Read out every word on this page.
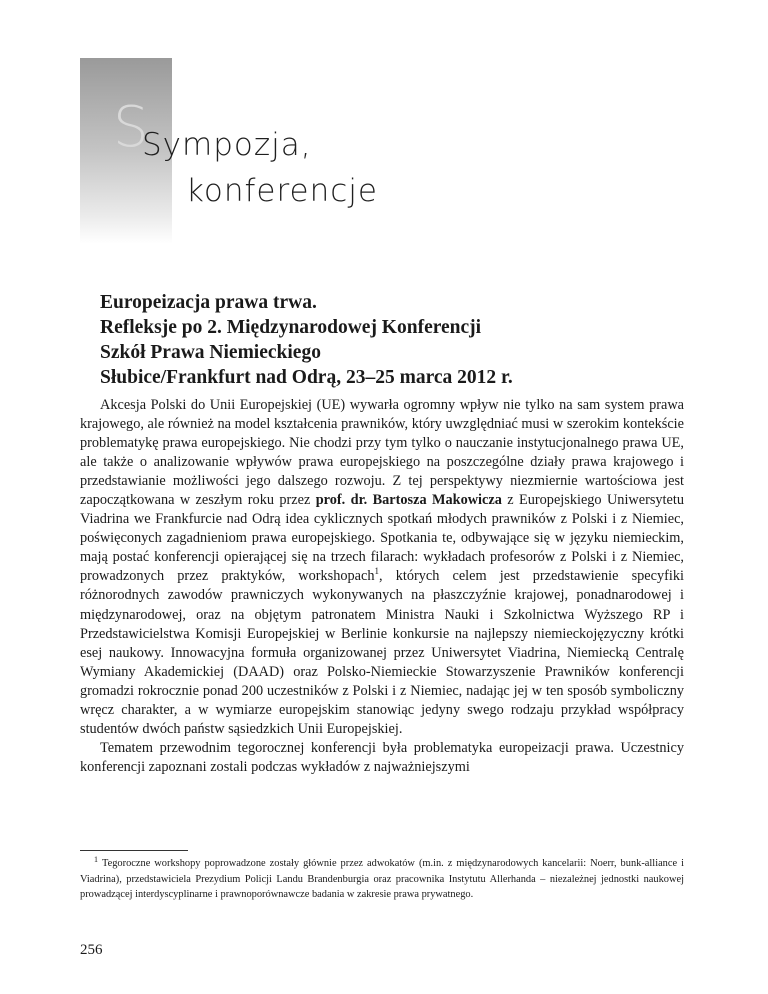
S
Sympozja,
konferencje
Europeizacja prawa trwa.
Refleksje po 2. Międzynarodowej Konferencji
Szkół Prawa Niemieckiego
Słubice/Frankfurt nad Odrą, 23–25 marca 2012 r.

Akcesja Polski do Unii Europejskiej (UE) wywarła ogromny wpływ nie tylko na sam system prawa krajowego, ale również na model kształcenia prawników, który uwzględniać musi w szerokim kontekście problematykę prawa europejskiego. Nie chodzi przy tym tylko o nauczanie instytucjonalnego prawa UE, ale także o analizowanie wpływów prawa europejskiego na poszczególne działy prawa krajowego i przedstawianie możliwości jego dalszego rozwoju. Z tej perspektywy niezmiernie wartościowa jest zapoczątkowana w zeszłym roku przez prof. dr. Bartosza Makowicza z Europejskiego Uniwersytetu Viadrina we Frankfurcie nad Odrą idea cyklicznych spotkań młodych prawników z Polski i z Niemiec, poświęconych zagadnieniom prawa europejskiego. Spotkania te, odbywające się w języku niemieckim, mają postać konferencji opierającej się na trzech filarach: wykładach profesorów z Polski i z Niemiec, prowadzonych przez praktyków, workshopach$^1$, których celem jest przedstawienie specyfiki różnorodnych zawodów prawniczych wykonywanych na płaszczyźnie krajowej, ponadnarodowej i międzynarodowej, oraz na objętym patronatem Ministra Nauki i Szkolnictwa Wyższego RP i Przedstawicielstwa Komisji Europejskiej w Berlinie konkursie na najlepszy niemieckojęzyczny krótki esej naukowy. Innowacyjna formuła organizowanej przez Uniwersytet Viadrina, Niemiecką Centralę Wymiany Akademickiej (DAAD) oraz Polsko-Niemieckie Stowarzyszenie Prawników konferencji gromadzi rokrocznie ponad 200 uczestników z Polski i z Niemiec, nadając jej w ten sposób symboliczny wręcz charakter, a w wymiarze europejskim stanowiąc jedyny swego rodzaju przykład współpracy studentów dwóch państw sąsiedzkich Unii Europejskiej.

Tematem przewodnim tegorocznej konferencji była problematyka europeizacji prawa. Uczestnicy konferencji zapoznani zostali podczas wykładów z najważniejszymi

$^1$ Tegoroczne workshopy poprowadzone zostały głównie przez adwokatów (m.in. z międzynarodowych kancelarii: Noerr, bunk-alliance i Viadrina), przedstawiciela Prezydium Policji Landu Brandenburgia oraz pracownika Instytutu Allerhanda – niezależnej jednostki naukowej prowadzącej interdyscyplinarne i prawnoporównawcze badania w zakresie prawa prywatnego.

256
